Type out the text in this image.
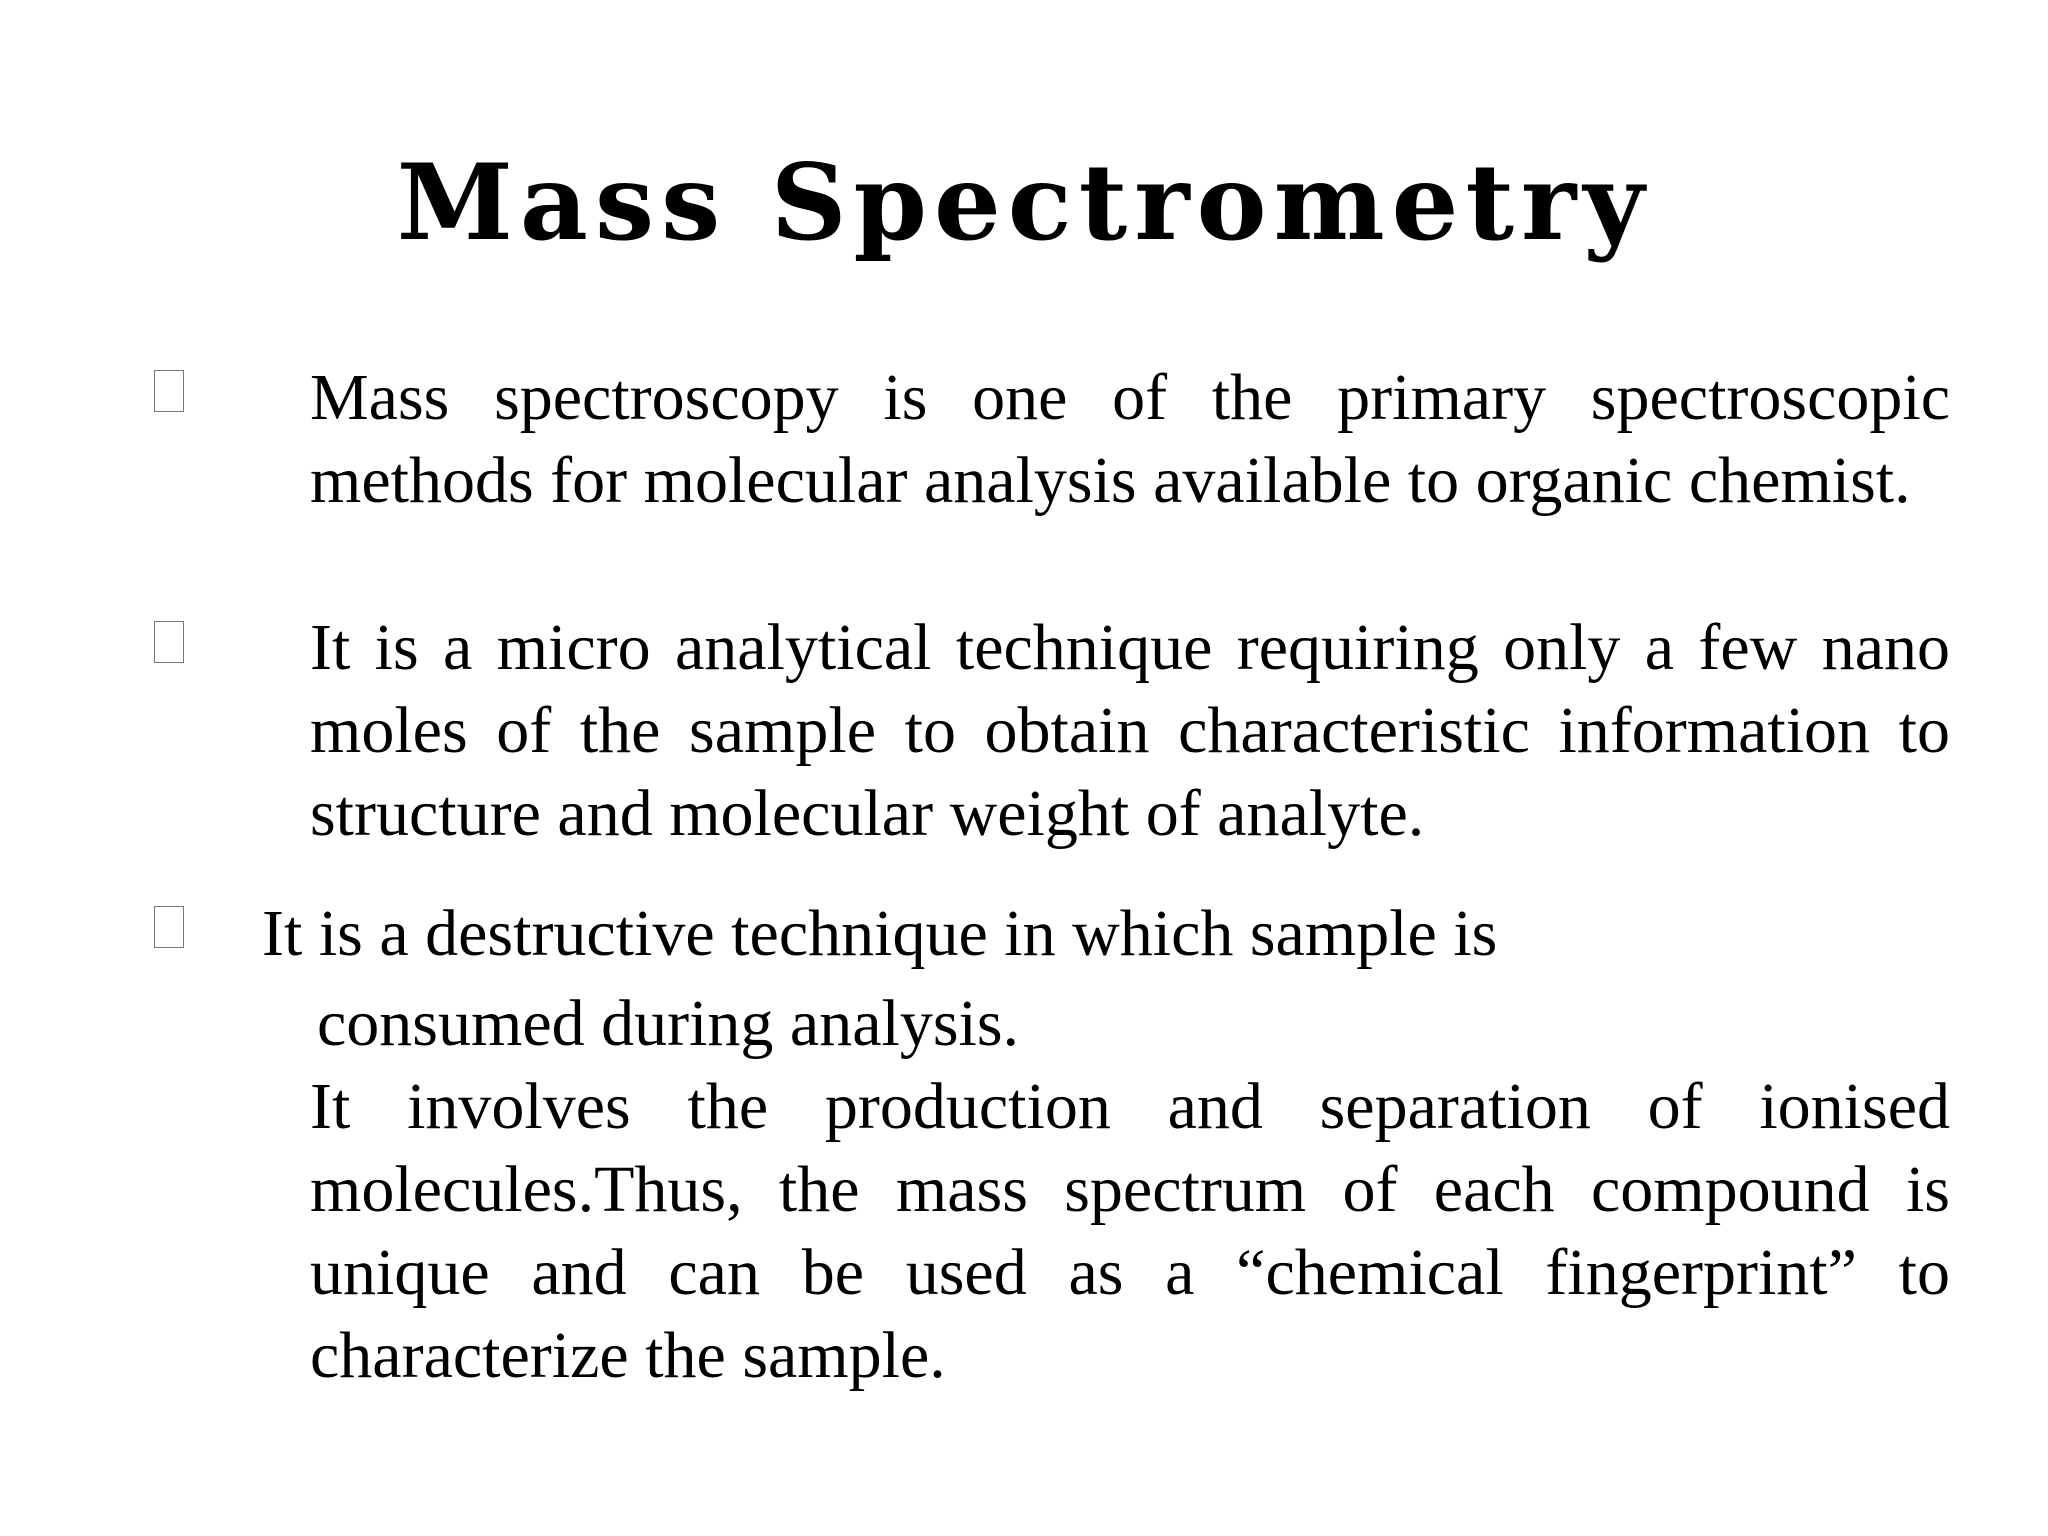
Mass Spectrometry

Mass spectroscopy is one of the primary spectroscopic methods for molecular analysis available to organic chemist.

It is a micro analytical technique requiring only a few nano moles of the sample to obtain characteristic information to structure and molecular weight of analyte.

It is a destructive technique in which sample is
consumed during analysis.

It involves the production and separation of ionised molecules.Thus, the mass spectrum of each compound is unique and can be used as a “chemical fingerprint” to characterize the sample.
